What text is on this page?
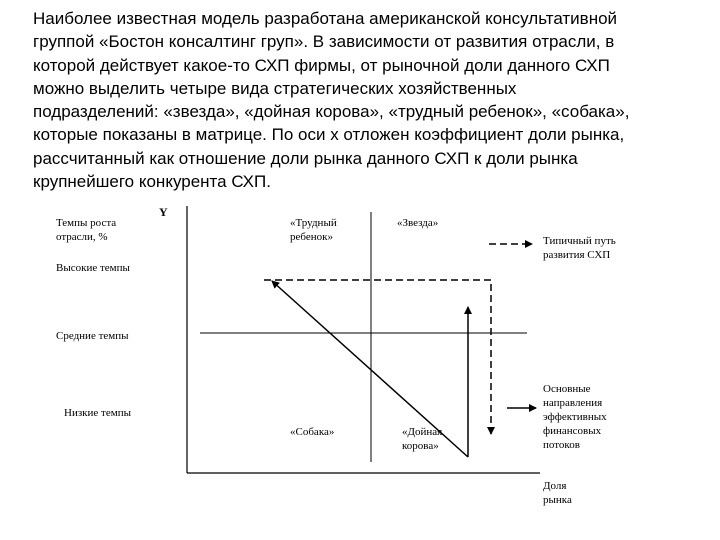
Наиболее известная модель разработана американской консультативной
группой «Бостон консалтинг груп». В зависимости от развития отрасли, в
которой действует какое-то СХП фирмы, от рыночной доли данного СХП
можно выделить четыре вида стратегических хозяйственных
подразделений: «звезда», «дойная корова», «трудный ребенок», «собака»,
которые показаны в матрице. По оси х отложен коэффициент доли рынка,
рассчитанный как отношение доли рынка данного СХП к доли рынка
крупнейшего конкурента СХП.
Темпы роста
отрасли, %
Y
Высокие темпы
Средние темпы
Низкие темпы
«Трудный
ребенок»
«Звезда»
«Собака»	«Дойная
корова»
Типичный путь
развития СХП
Основные
направления
эффективных
финансовых
потоков
Доля
рынка
